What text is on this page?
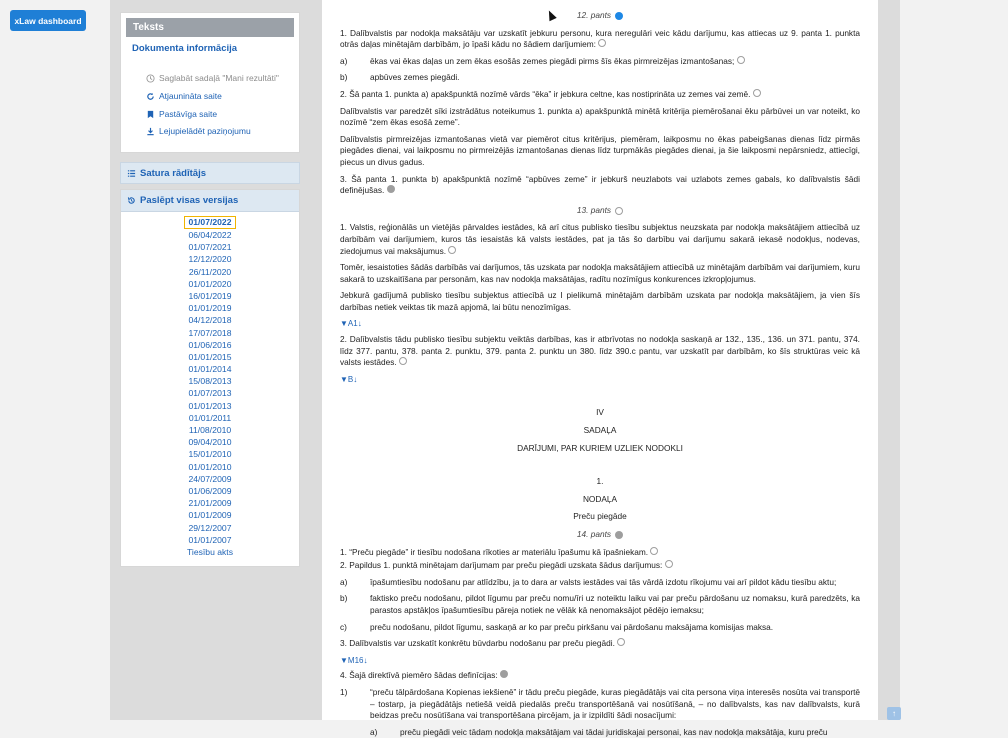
xLaw dashboard
Teksts
Dokumenta informācija
Saglabāt sadaļā "Mani rezultāti"
Atjaunināta saite
Pastāvīga saite
Lejupielādēt paziņojumu
Satura rādītājs
Paslēpt visas versijas
01/07/2022
06/04/2022
01/07/2021
12/12/2020
26/11/2020
01/01/2020
16/01/2019
01/01/2019
04/12/2018
17/07/2018
01/06/2016
01/01/2015
01/01/2014
15/08/2013
01/07/2013
01/01/2013
01/01/2011
11/08/2010
09/04/2010
15/01/2010
01/01/2010
24/07/2009
01/06/2009
21/01/2009
01/01/2009
29/12/2007
01/01/2007
Tiesību akts
12. pants

1. Dalībvalstis par nodokļa maksātāju var uzskatīt jebkuru personu, kura neregulāri veic kādu darījumu, kas attiecas uz 9. panta 1. punkta otrās daļas minētajām darbībām, jo īpaši kādu no šādiem darījumiem:

a)	ēkas vai ēkas daļas un zem ēkas esošās zemes piegādi pirms šīs ēkas pirmreizējas izmantošanas;
b)	apbūves zemes piegādi.

2. Šā panta 1. punkta a) apakšpunktā nozīmē vārds “ēka” ir jebkura celtne, kas nostiprināta uz zemes vai zemē.

Dalībvalstis var paredzēt sīki izstrādātus noteikumus 1. punkta a) apakšpunktā minētā kritērija piemērošanai ēku pārbūvei un var noteikt, ko nozīmē “zem ēkas esošā zeme”.

Dalībvalstis pirmreizējas izmantošanas vietā var piemērot citus kritērijus, piemēram, laikposmu no ēkas pabeigšanas dienas līdz pirmās piegādes dienai, vai laikposmu no pirmreizējās izmantošanas dienas līdz turpmākās piegādes dienai, ja šie laikposmi nepārsniedz, attiecīgi, piecus un divus gadus.

3. Šā panta 1. punkta b) apakšpunktā nozīmē “apbūves zeme” ir jebkurš neuzlabots vai uzlabots zemes gabals, ko dalībvalstis šādi definējušas.

13. pants

1. Valstis, reģionālās un vietējās pārvaldes iestādes, kā arī citus publisko tiesību subjektus neuzskata par nodokļa maksātājiem attiecībā uz darbībām vai darījumiem, kuros tās iesaistās kā valsts iestādes, pat ja tās šo darbību vai darījumu sakarā iekasē nodokļus, nodevas, ziedojumus vai maksājumus.

Tomēr, iesaistoties šādās darbībās vai darījumos, tās uzskata par nodokļa maksātājiem attiecībā uz minētajām darbībām vai darījumiem, kuru sakarā to uzskaitīšana par personām, kas nav nodokļa maksātājas, radītu nozīmīgus konkurences izkropļojumus.

Jebkurā gadījumā publisko tiesību subjektus attiecībā uz I pielikumā minētajām darbībām uzskata par nodokļa maksātājiem, ja vien šīs darbības netiek veiktas tik mazā apjomā, lai būtu nenozīmīgas.

▼A1↓

2. Dalībvalstis tādu publisko tiesību subjektu veiktās darbības, kas ir atbrīvotas no nodokļa saskaņā ar 132., 135., 136. un 371. pantu, 374. līdz 377. pantu, 378. panta 2. punktu, 379. panta 2. punktu un 380. līdz 390.c pantu, var uzskatīt par darbībām, ko šīs struktūras veic kā valsts iestādes.

▼B↓
IV
SADAĻA
DARĪJUMI, PAR KURIEM UZLIEK NODOKLI
1.
NODAĻA
Preču piegāde
14. pants

1. “Preču piegāde” ir tiesību nodošana rīkoties ar materiālu īpašumu kā īpašniekam.

2. Papildus 1. punktā minētajam darījumam par preču piegādi uzskata šādus darījumus:

a)	īpašumtiesību nodošanu par atlīdzību, ja to dara ar valsts iestādes vai tās vārdā izdotu rīkojumu vai arī pildot kādu tiesību aktu;
b)	faktisko preču nodošanu, pildot līgumu par preču nomu/īri uz noteiktu laiku vai par preču pārdošanu uz nomaksu, kurā paredzēts, ka parastos apstākļos īpašumtiesību pāreja notiek ne vēlāk kā nenomaksājot pēdējo iemaksu;
c)	preču nodošanu, pildot līgumu, saskaņā ar ko par preču pirkšanu vai pārdošanu maksājama komisijas maksa.

3. Dalībvalstis var uzskatīt konkrētu būvdarbu nodošanu par preču piegādi.

▼M16↓

4. Šajā direktīvā piemēro šādas definīcijas:

1)	“preču tālpārdošana Kopienas iekšienē” ir tādu preču piegāde, kuras piegādātājs vai cita persona viņa interesēs nosūta vai transportē – tostarp, ja piegādātājs netiešā veidā piedalās preču transportēšanā vai nosūtīšanā, – no dalībvalsts, kas nav dalībvalsts, kurā beidzas preču nosūtīšana vai transportēšana pircējam, ja ir izpildīti šādi nosacījumi:
a)	preču piegādi veic tādam nodokļa maksātājam vai tādai juridiskajai personai, kas nav nodokļa maksātāja, kuru preču
↑
